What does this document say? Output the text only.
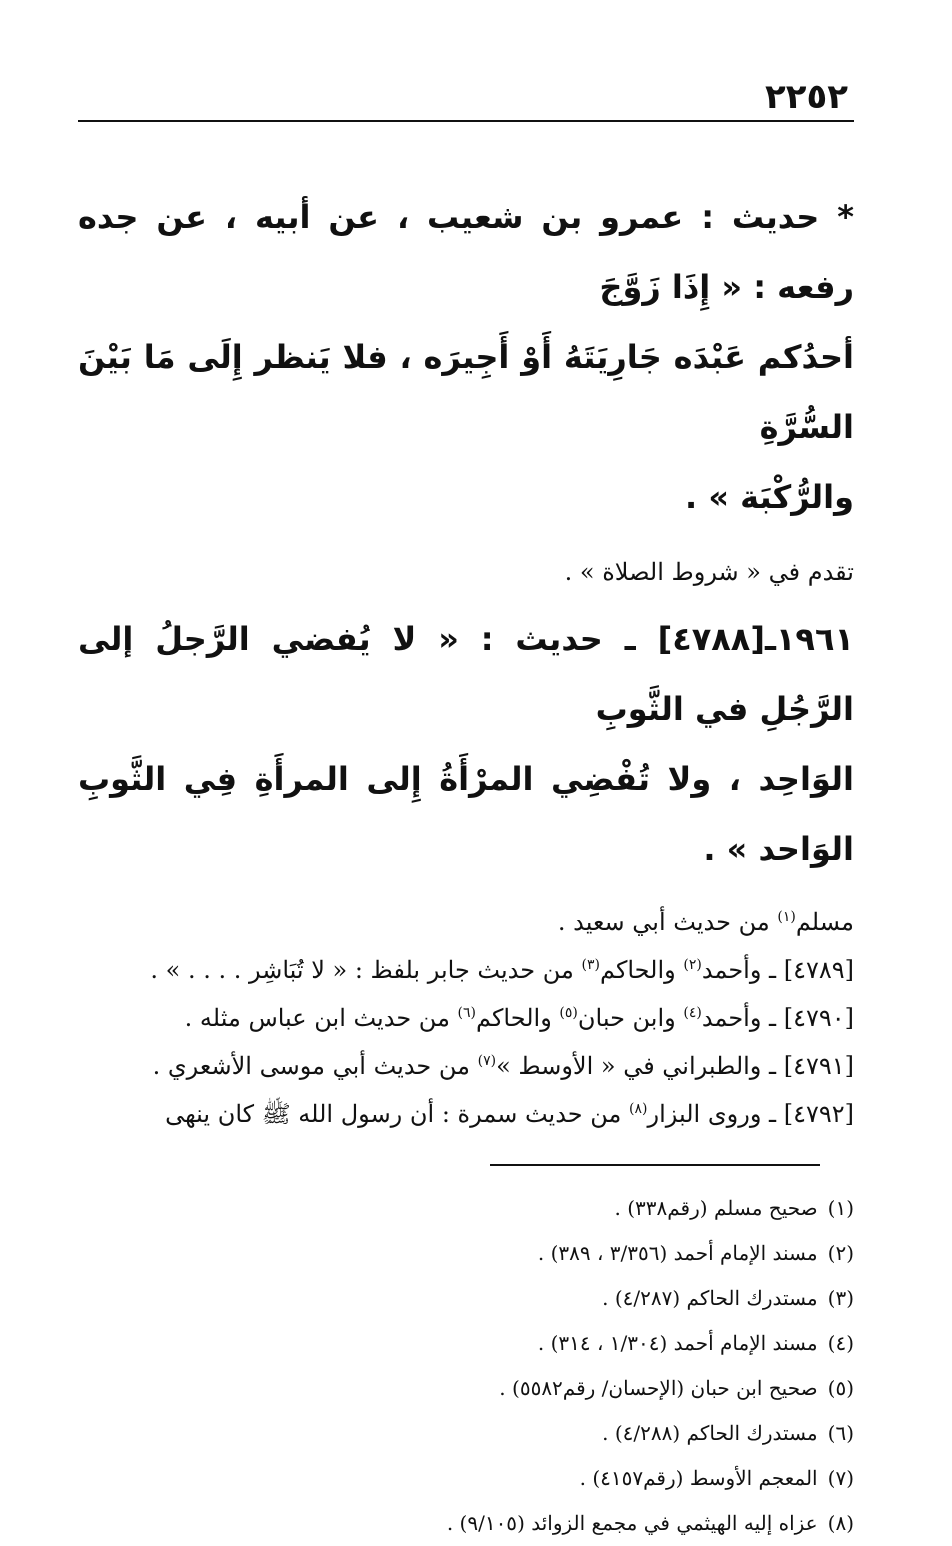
٢٢٥٢
* حديث : عمرو بن شعيب ، عن أبيه ، عن جده رفعه : « إِذَا زَوَّجَ
أحدُكم عَبْدَه جَارِيَتَهُ أَوْ أَجِيرَه ، فلا يَنظر إِلَى مَا بَيْنَ السُّرَّةِ
والرُّكْبَة » .
تقدم في « شروط الصلاة » .
١٩٦١ـ[٤٧٨٨] ـ حديث : « لا يُفضي الرَّجلُ إلى الرَّجُلِ في الثَّوبِ
الوَاحِد ، ولا تُفْضِي المرْأَةُ إِلى المرأَةِ فِي الثَّوبِ الوَاحد » .
مسلم$^{(١)}$ من حديث أبي سعيد .
[٤٧٨٩] ـ وأحمد$^{(٢)}$ والحاكم$^{(٣)}$ من حديث جابر بلفظ : « لا تُبَاشِر . . . . » .
[٤٧٩٠] ـ وأحمد$^{(٤)}$ وابن حبان$^{(٥)}$ والحاكم$^{(٦)}$ من حديث ابن عباس مثله .
[٤٧٩١] ـ والطبراني في « الأوسط »$^{(٧)}$ من حديث أبي موسى الأشعري .
[٤٧٩٢] ـ وروى البزار$^{(٨)}$ من حديث سمرة : أن رسول الله ﷺ كان ينهى
(١)صحيح مسلم (رقم٣٣٨) .
(٢)مسند الإمام أحمد (٣/٣٥٦ ، ٣٨٩) .
(٣)مستدرك الحاكم (٤/٢٨٧) .
(٤)مسند الإمام أحمد (١/٣٠٤ ، ٣١٤) .
(٥)صحيح ابن حبان (الإحسان/ رقم٥٥٨٢) .
(٦)مستدرك الحاكم (٤/٢٨٨) .
(٧)المعجم الأوسط (رقم٤١٥٧) .
(٨)عزاه إليه الهيثمي في مجمع الزوائد (٩/١٠٥) .
